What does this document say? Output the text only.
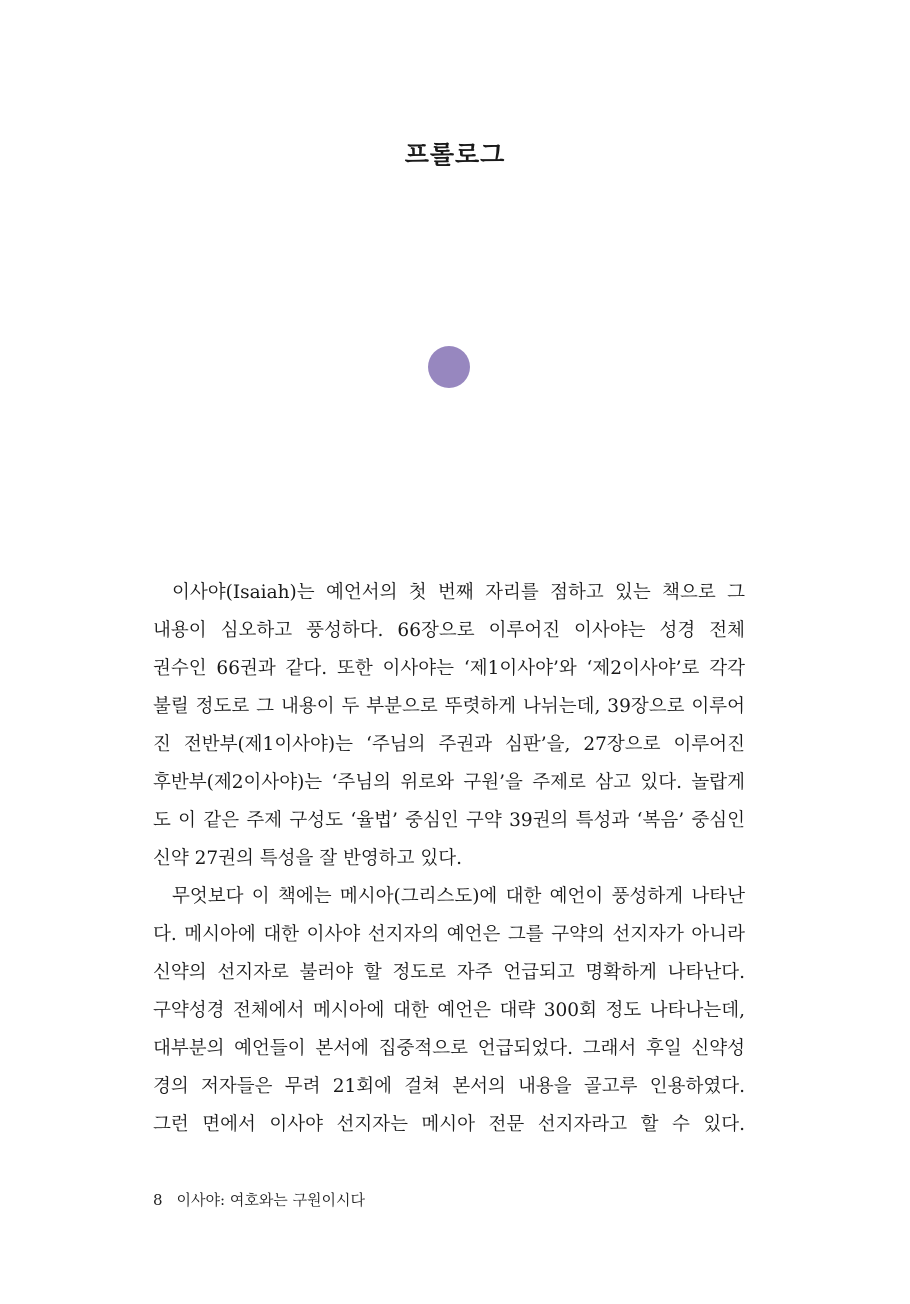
프롤로그
이사야(Isaiah)는 예언서의 첫 번째 자리를 점하고 있는 책으로 그
내용이 심오하고 풍성하다. 66장으로 이루어진 이사야는 성경 전체
권수인 66권과 같다. 또한 이사야는 ‘제1이사야’와 ‘제2이사야’로 각각
불릴 정도로 그 내용이 두 부분으로 뚜렷하게 나뉘는데, 39장으로 이루어
진 전반부(제1이사야)는 ‘주님의 주권과 심판’을, 27장으로 이루어진
후반부(제2이사야)는 ‘주님의 위로와 구원’을 주제로 삼고 있다. 놀랍게
도 이 같은 주제 구성도 ‘율법’ 중심인 구약 39권의 특성과 ‘복음’ 중심인
신약 27권의 특성을 잘 반영하고 있다.
무엇보다 이 책에는 메시아(그리스도)에 대한 예언이 풍성하게 나타난
다. 메시아에 대한 이사야 선지자의 예언은 그를 구약의 선지자가 아니라
신약의 선지자로 불러야 할 정도로 자주 언급되고 명확하게 나타난다.
구약성경 전체에서 메시아에 대한 예언은 대략 300회 정도 나타나는데,
대부분의 예언들이 본서에 집중적으로 언급되었다. 그래서 후일 신약성
경의 저자들은 무려 21회에 걸쳐 본서의 내용을 골고루 인용하였다.
그런 면에서 이사야 선지자는 메시아 전문 선지자라고 할 수 있다.
8 이사야: 여호와는 구원이시다
